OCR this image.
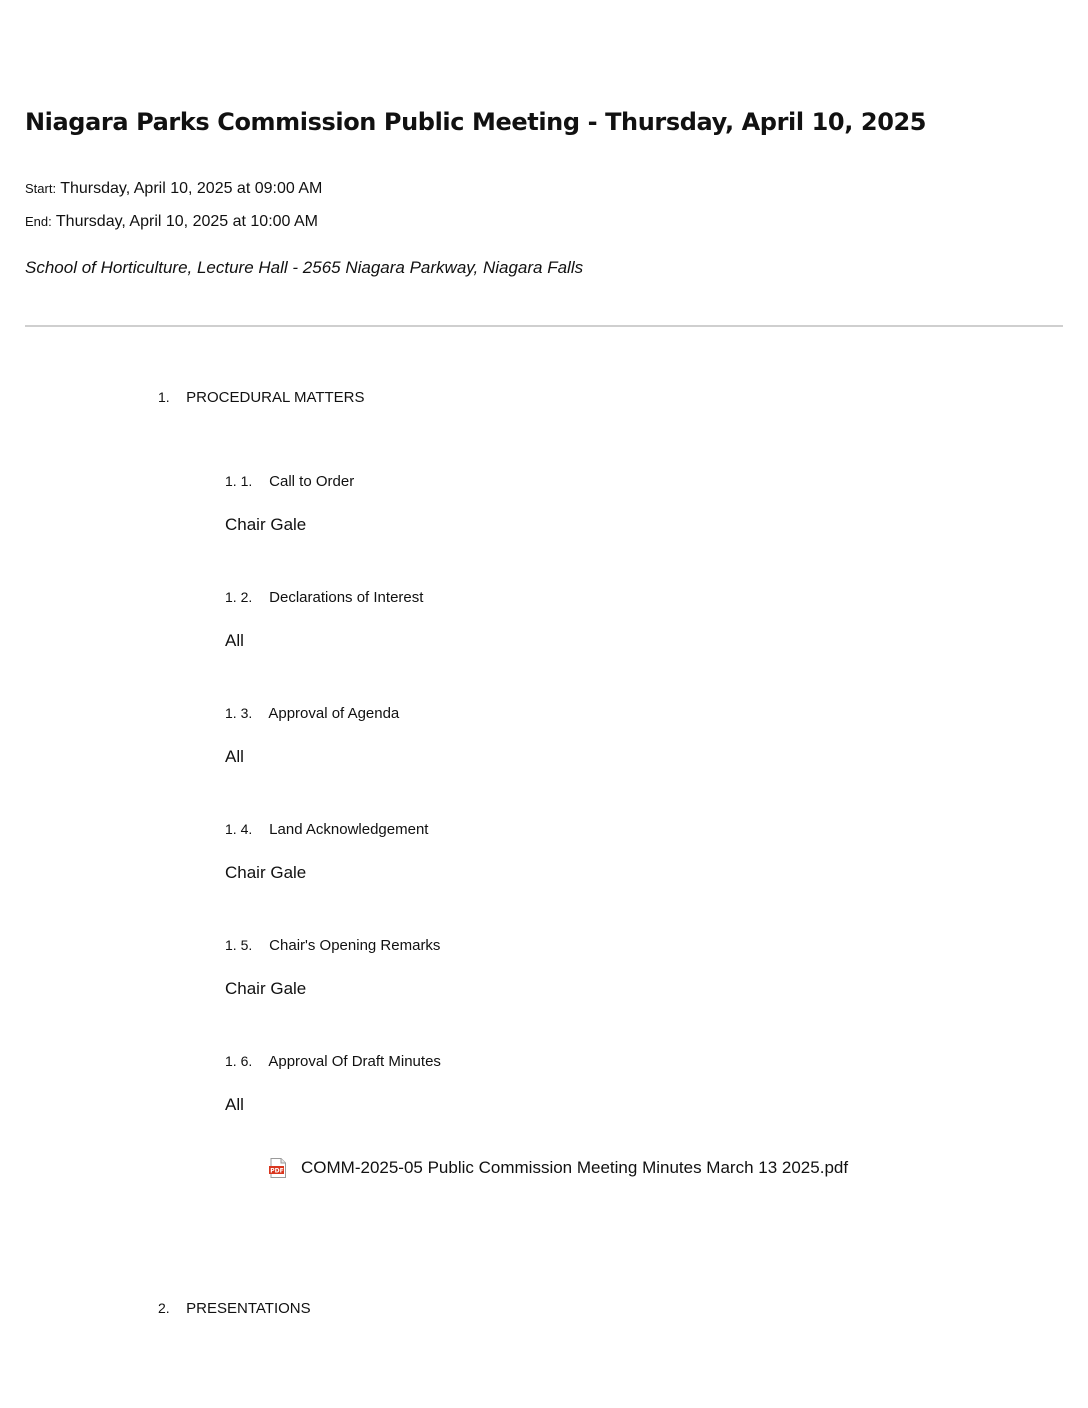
Niagara Parks Commission Public Meeting - Thursday, April 10, 2025
Start: Thursday, April 10, 2025 at 09:00 AM
End: Thursday, April 10, 2025 at 10:00 AM
School of Horticulture, Lecture Hall - 2565 Niagara Parkway, Niagara Falls
1. PROCEDURAL MATTERS
1. 1. Call to Order
Chair Gale
1. 2. Declarations of Interest
All
1. 3. Approval of Agenda
All
1. 4. Land Acknowledgement
Chair Gale
1. 5. Chair's Opening Remarks
Chair Gale
1. 6. Approval Of Draft Minutes
All
PDF COMM-2025-05 Public Commission Meeting Minutes March 13 2025.pdf
2. PRESENTATIONS
